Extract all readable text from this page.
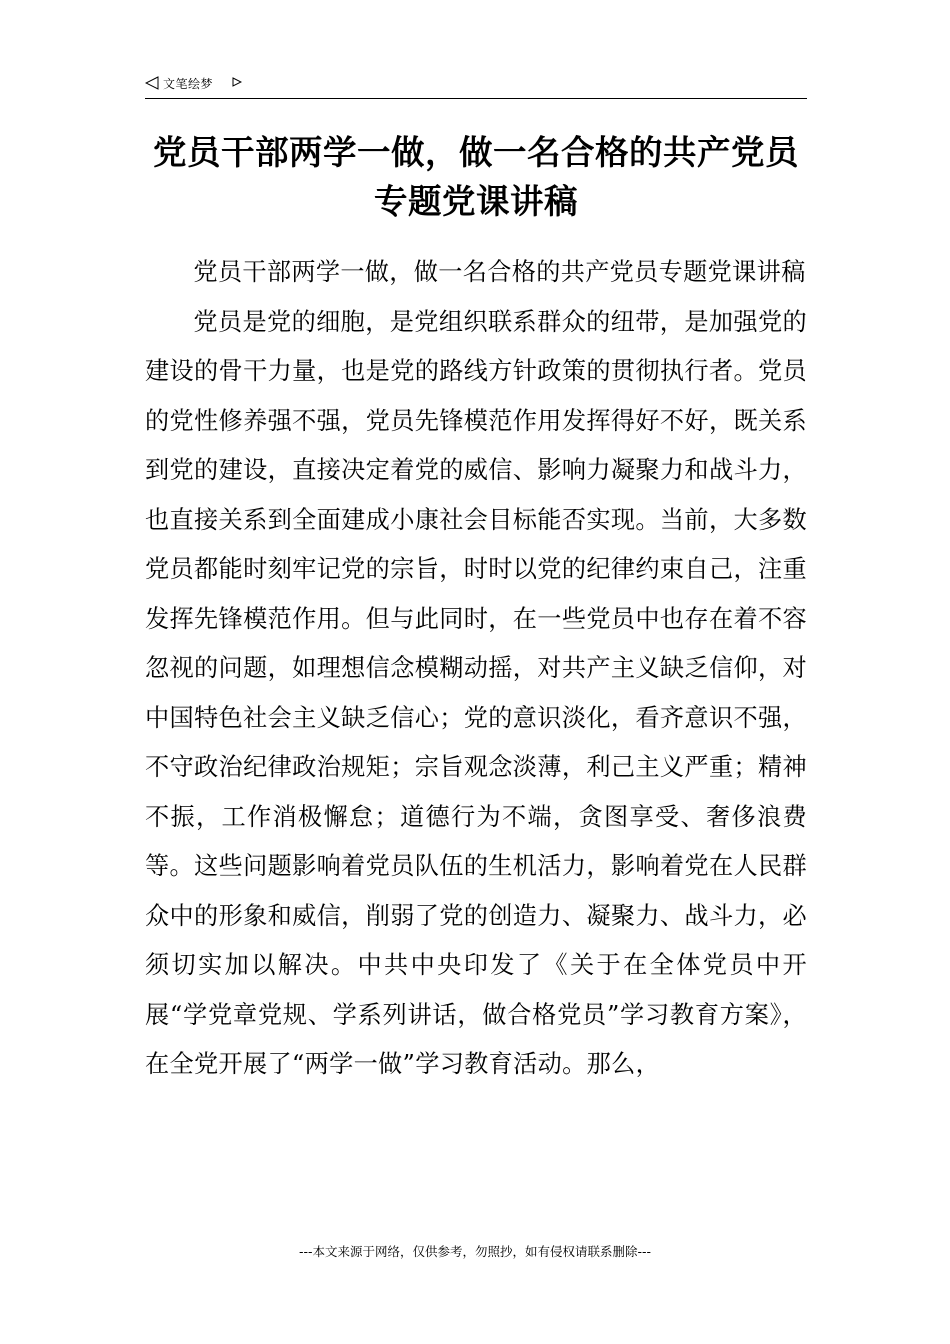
文笔绘梦
党员干部两学一做，做一名合格的共产党员专题党课讲稿

党员干部两学一做，做一名合格的共产党员专题党课讲稿

党员是党的细胞，是党组织联系群众的纽带，是加强党的建设的骨干力量，也是党的路线方针政策的贯彻执行者。党员的党性修养强不强，党员先锋模范作用发挥得好不好，既关系到党的建设，直接决定着党的威信、影响力凝聚力和战斗力，也直接关系到全面建成小康社会目标能否实现。当前，大多数党员都能时刻牢记党的宗旨，时时以党的纪律约束自己，注重发挥先锋模范作用。但与此同时，在一些党员中也存在着不容忽视的问题，如理想信念模糊动摇，对共产主义缺乏信仰，对中国特色社会主义缺乏信心；党的意识淡化，看齐意识不强，不守政治纪律政治规矩；宗旨观念淡薄，利己主义严重；精神不振，工作消极懈怠；道德行为不端，贪图享受、奢侈浪费等。这些问题影响着党员队伍的生机活力，影响着党在人民群众中的形象和威信，削弱了党的创造力、凝聚力、战斗力，必须切实加以解决。中共中央印发了《关于在全体党员中开展“学党章党规、学系列讲话，做合格党员”学习教育方案》，在全党开展了“两学一做”学习教育活动。那么，

---本文来源于网络，仅供参考，勿照抄，如有侵权请联系删除---
